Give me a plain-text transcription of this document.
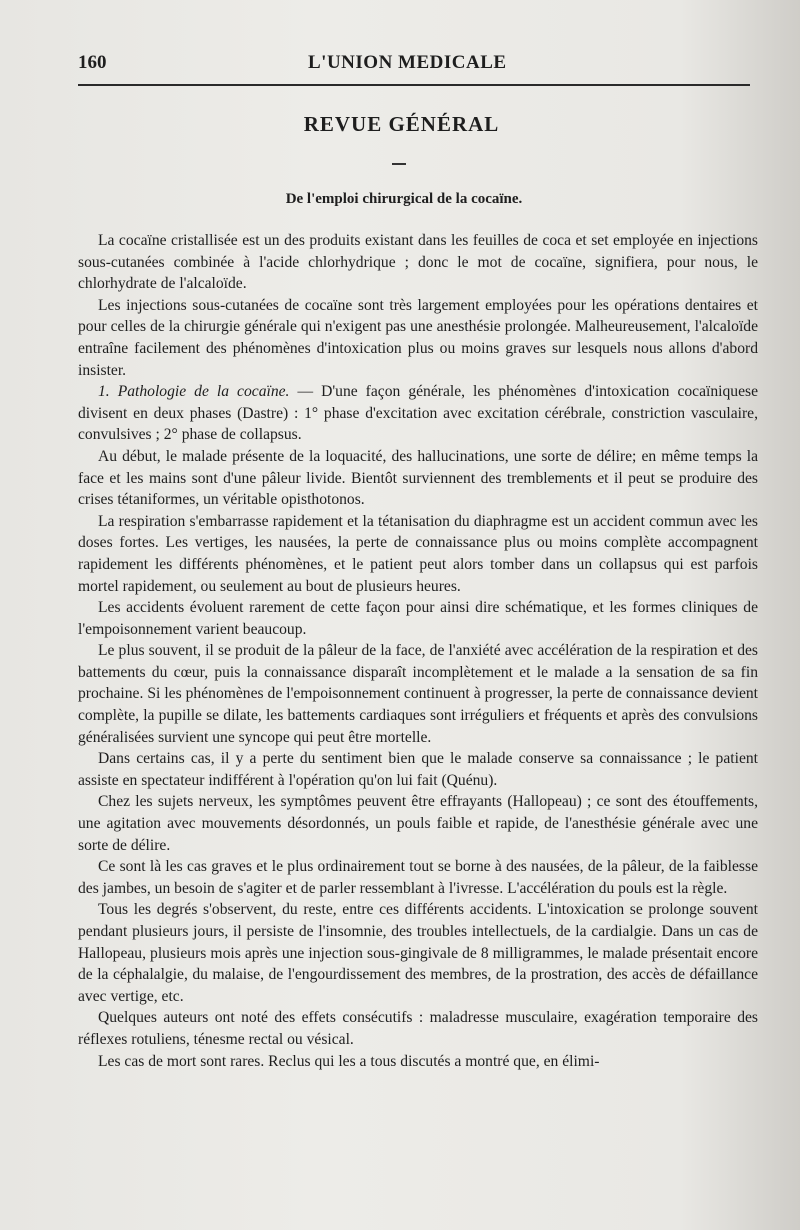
160	L'UNION MEDICALE
REVUE GÉNÉRAL
De l'emploi chirurgical de la cocaïne.

La cocaïne cristallisée est un des produits existant dans les feuilles de coca et set employée en injections sous-cutanées combinée à l'acide chlorhydrique ; donc le mot de cocaïne, signifiera, pour nous, le chlorhydrate de l'alcaloïde.

Les injections sous-cutanées de cocaïne sont très largement employées pour les opérations dentaires et pour celles de la chirurgie générale qui n'exigent pas une anesthésie prolongée. Malheureusement, l'alcaloïde entraîne facilement des phénomènes d'intoxication plus ou moins graves sur lesquels nous allons d'abord insister.

1. Pathologie de la cocaïne. — D'une façon générale, les phénomènes d'intoxication cocaïniquese divisent en deux phases (Dastre) : 1° phase d'excitation avec excitation cérébrale, constriction vasculaire, convulsives ; 2° phase de collapsus.

Au début, le malade présente de la loquacité, des hallucinations, une sorte de délire; en même temps la face et les mains sont d'une pâleur livide. Bientôt surviennent des tremblements et il peut se produire des crises tétaniformes, un véritable opisthotonos.

La respiration s'embarrasse rapidement et la tétanisation du diaphragme est un accident commun avec les doses fortes. Les vertiges, les nausées, la perte de connaissance plus ou moins complète accompagnent rapidement les différents phénomènes, et le patient peut alors tomber dans un collapsus qui est parfois mortel rapidement, ou seulement au bout de plusieurs heures.

Les accidents évoluent rarement de cette façon pour ainsi dire schématique, et les formes cliniques de l'empoisonnement varient beaucoup.

Le plus souvent, il se produit de la pâleur de la face, de l'anxiété avec accélération de la respiration et des battements du cœur, puis la connaissance disparaît incomplètement et le malade a la sensation de sa fin prochaine. Si les phénomènes de l'empoisonnement continuent à progresser, la perte de connaissance devient complète, la pupille se dilate, les battements cardiaques sont irréguliers et fréquents et après des convulsions généralisées survient une syncope qui peut être mortelle.

Dans certains cas, il y a perte du sentiment bien que le malade conserve sa connaissance ; le patient assiste en spectateur indifférent à l'opération qu'on lui fait (Quénu).

Chez les sujets nerveux, les symptômes peuvent être effrayants (Hallopeau) ; ce sont des étouffements, une agitation avec mouvements désordonnés, un pouls faible et rapide, de l'anesthésie générale avec une sorte de délire.

Ce sont là les cas graves et le plus ordinairement tout se borne à des nausées, de la pâleur, de la faiblesse des jambes, un besoin de s'agiter et de parler ressemblant à l'ivresse. L'accélération du pouls est la règle.

Tous les degrés s'observent, du reste, entre ces différents accidents. L'intoxication se prolonge souvent pendant plusieurs jours, il persiste de l'insomnie, des troubles intellectuels, de la cardialgie. Dans un cas de Hallopeau, plusieurs mois après une injection sous-gingivale de 8 milligrammes, le malade présentait encore de la céphalalgie, du malaise, de l'engourdissement des membres, de la prostration, des accès de défaillance avec vertige, etc.

Quelques auteurs ont noté des effets consécutifs : maladresse musculaire, exagération temporaire des réflexes rotuliens, ténesme rectal ou vésical.

Les cas de mort sont rares. Reclus qui les a tous discutés a montré que, en élimi-
